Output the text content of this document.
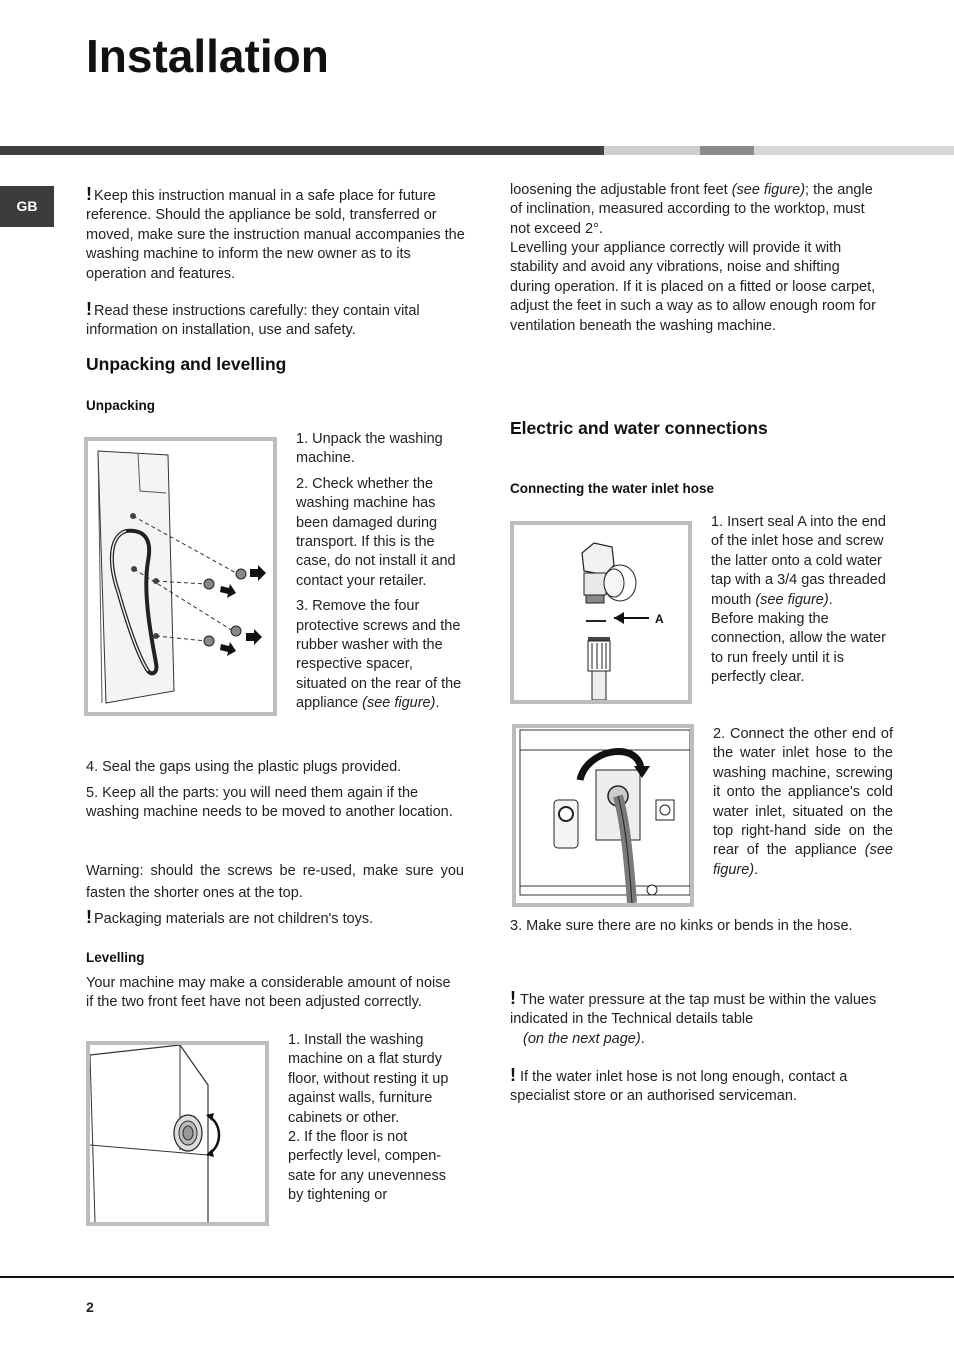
Installation
GB
! Keep this instruction manual in a safe place for future reference. Should the appliance be sold, transferred or moved, make sure the instruction manual accompanies the washing machine to inform the new owner as to its operation and features.
! Read these instructions carefully: they contain vital information on installation, use and safety.
Unpacking and levelling
Unpacking

1. Unpack the washing machine.

2. Check whether the washing machine has been damaged during transport. If this is the case, do not install it and contact your retailer.

3. Remove the four protective screws and the rubber washer with the respective spacer, situated on the rear of the appliance (see figure).

4. Seal the gaps using the plastic plugs provided.
5. Keep all the parts: you will need them again if the washing machine needs to be moved to another location.
Warning: should the screws be re-used, make sure you fasten the shorter ones at the top.
! Packaging materials are not children's toys.
Levelling
Your machine may make a considerable amount of noise if the two front feet have not been adjusted correctly.

1. Install the washing machine on a flat sturdy floor, without resting it up against walls, furniture cabinets or other.

2. If the floor is not perfectly level, compen- sate for any unevenness by tightening or

loosening the adjustable front feet (see figure); the angle of inclination, measured according to the worktop, must not exceed 2°.
Levelling your appliance correctly will provide it with stability and avoid any vibrations, noise and shifting during operation. If it is placed on a fitted or loose carpet, adjust the feet in such a way as to allow enough room for ventilation beneath the washing machine.
Electric and water connections
Connecting the water inlet hose
A

1. Insert seal A into the end of the inlet hose and screw the latter onto a cold water tap with a 3/4 gas threaded mouth (see figure).

Before making the connection, allow the water to run freely until it is perfectly clear.

2. Connect the other end of the water inlet hose to the washing machine, screwing it onto the appliance's cold water inlet, situated on the top right-hand side on the rear of the appliance (see figure).
3. Make sure there are no kinks or bends in the hose.
! The water pressure at the tap must be within the values indicated in the Technical details table
(on the next page).
! If the water inlet hose is not long enough, contact a specialist store or an authorised serviceman.
2
